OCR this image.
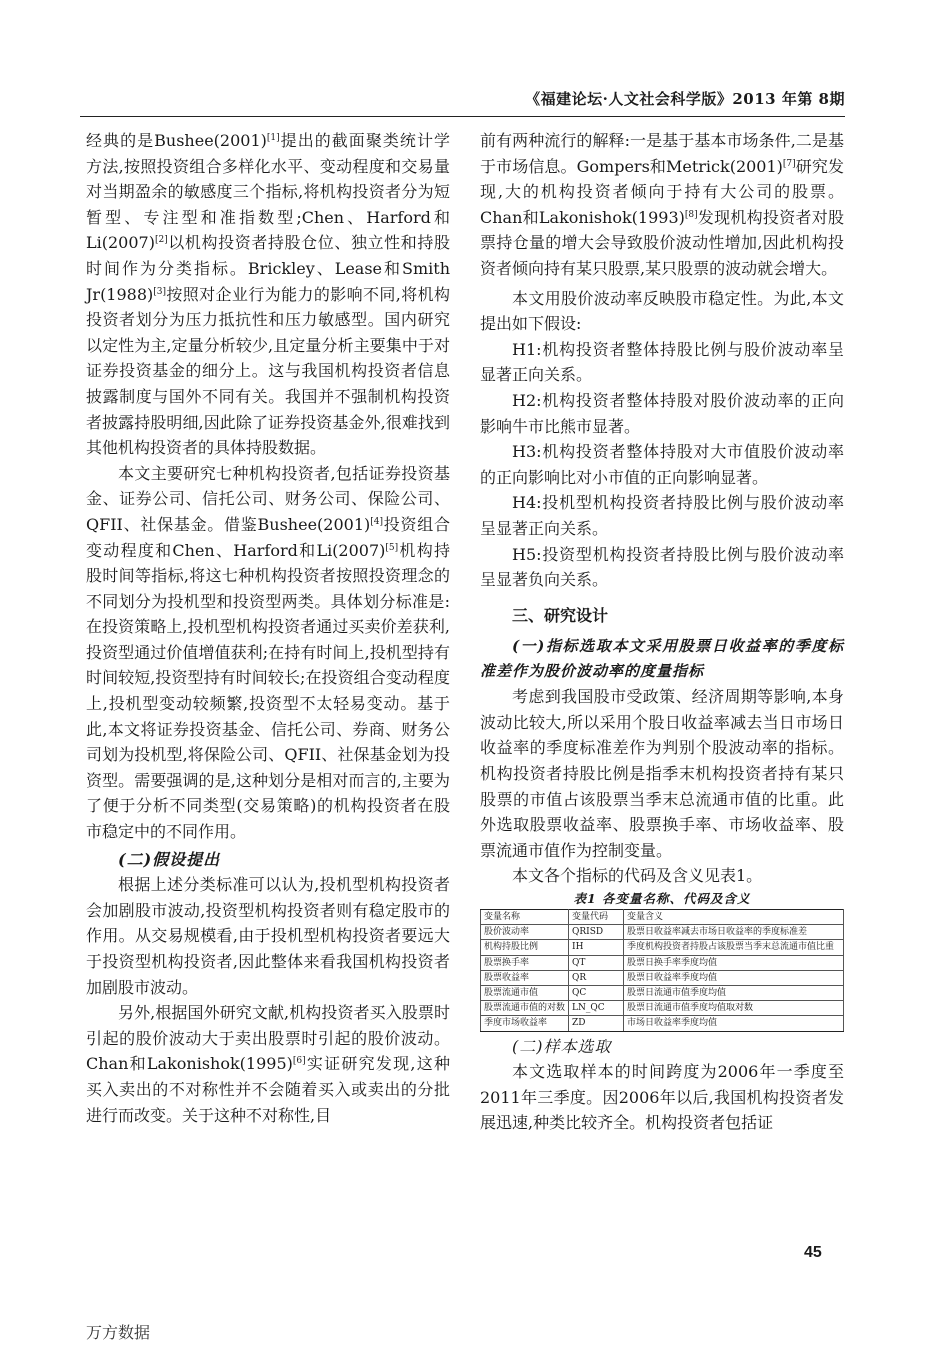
《福建论坛·人文社会科学版》2013 年第 8期

经典的是Bushee(2001)[1]提出的截面聚类统计学方法,按照投资组合多样化水平、变动程度和交易量对当期盈余的敏感度三个指标,将机构投资者分为短暂型、专注型和准指数型;Chen、Harford和Li(2007)[2]以机构投资者持股仓位、独立性和持股时间作为分类指标。Brickley、Lease和Smith Jr(1988)[3]按照对企业行为能力的影响不同,将机构投资者划分为压力抵抗性和压力敏感型。国内研究以定性为主,定量分析较少,且定量分析主要集中于对证券投资基金的细分上。这与我国机构投资者信息披露制度与国外不同有关。我国并不强制机构投资者披露持股明细,因此除了证券投资基金外,很难找到其他机构投资者的具体持股数据。

本文主要研究七种机构投资者,包括证券投资基金、证券公司、信托公司、财务公司、保险公司、QFII、社保基金。借鉴Bushee(2001)[4]投资组合变动程度和Chen、Harford和Li(2007)[5]机构持股时间等指标,将这七种机构投资者按照投资理念的不同划分为投机型和投资型两类。具体划分标准是:在投资策略上,投机型机构投资者通过买卖价差获利,投资型通过价值增值获利;在持有时间上,投机型持有时间较短,投资型持有时间较长;在投资组合变动程度上,投机型变动较频繁,投资型不太轻易变动。基于此,本文将证券投资基金、信托公司、券商、财务公司划为投机型,将保险公司、QFII、社保基金划为投资型。需要强调的是,这种划分是相对而言的,主要为了便于分析不同类型(交易策略)的机构投资者在股市稳定中的不同作用。

(二)假设提出

根据上述分类标准可以认为,投机型机构投资者会加剧股市波动,投资型机构投资者则有稳定股市的作用。从交易规模看,由于投机型机构投资者要远大于投资型机构投资者,因此整体来看我国机构投资者加剧股市波动。

另外,根据国外研究文献,机构投资者买入股票时引起的股价波动大于卖出股票时引起的股价波动。Chan和Lakonishok(1995)[6]实证研究发现,这种买入卖出的不对称性并不会随着买入或卖出的分批进行而改变。关于这种不对称性,目

前有两种流行的解释:一是基于基本市场条件,二是基于市场信息。Gompers和Metrick(2001)[7]研究发现,大的机构投资者倾向于持有大公司的股票。Chan和Lakonishok(1993)[8]发现机构投资者对股票持仓量的增大会导致股价波动性增加,因此机构投资者倾向持有某只股票,某只股票的波动就会增大。

本文用股价波动率反映股市稳定性。为此,本文提出如下假设:

H1:机构投资者整体持股比例与股价波动率呈显著正向关系。

H2:机构投资者整体持股对股价波动率的正向影响牛市比熊市显著。

H3:机构投资者整体持股对大市值股价波动率的正向影响比对小市值的正向影响显著。

H4:投机型机构投资者持股比例与股价波动率呈显著正向关系。

H5:投资型机构投资者持股比例与股价波动率呈显著负向关系。

三、研究设计

(一)指标选取本文采用股票日收益率的季度标准差作为股价波动率的度量指标

考虑到我国股市受政策、经济周期等影响,本身波动比较大,所以采用个股日收益率减去当日市场日收益率的季度标准差作为判别个股波动率的指标。机构投资者持股比例是指季末机构投资者持有某只股票的市值占该股票当季末总流通市值的比重。此外选取股票收益率、股票换手率、市场收益率、股票流通市值作为控制变量。

本文各个指标的代码及含义见表1。

表1 各变量名称、代码及含义

变量名称	变量代码	变量含义
股价波动率	QRISD	股票日收益率减去市场日收益率的季度标准差
机构持股比例	IH	季度机构投资者持股占该股票当季末总流通市值比重
股票换手率	QT	股票日换手率季度均值
股票收益率	QR	股票日收益率季度均值
股票流通市值	QC	股票日流通市值季度均值
股票流通市值的对数	LN_QC	股票日流通市值季度均值取对数
季度市场收益率	ZD	市场日收益率季度均值

(二)样本选取

本文选取样本的时间跨度为2006年一季度至2011年三季度。因2006年以后,我国机构投资者发展迅速,种类比较齐全。机构投资者包括证

45
万方数据
